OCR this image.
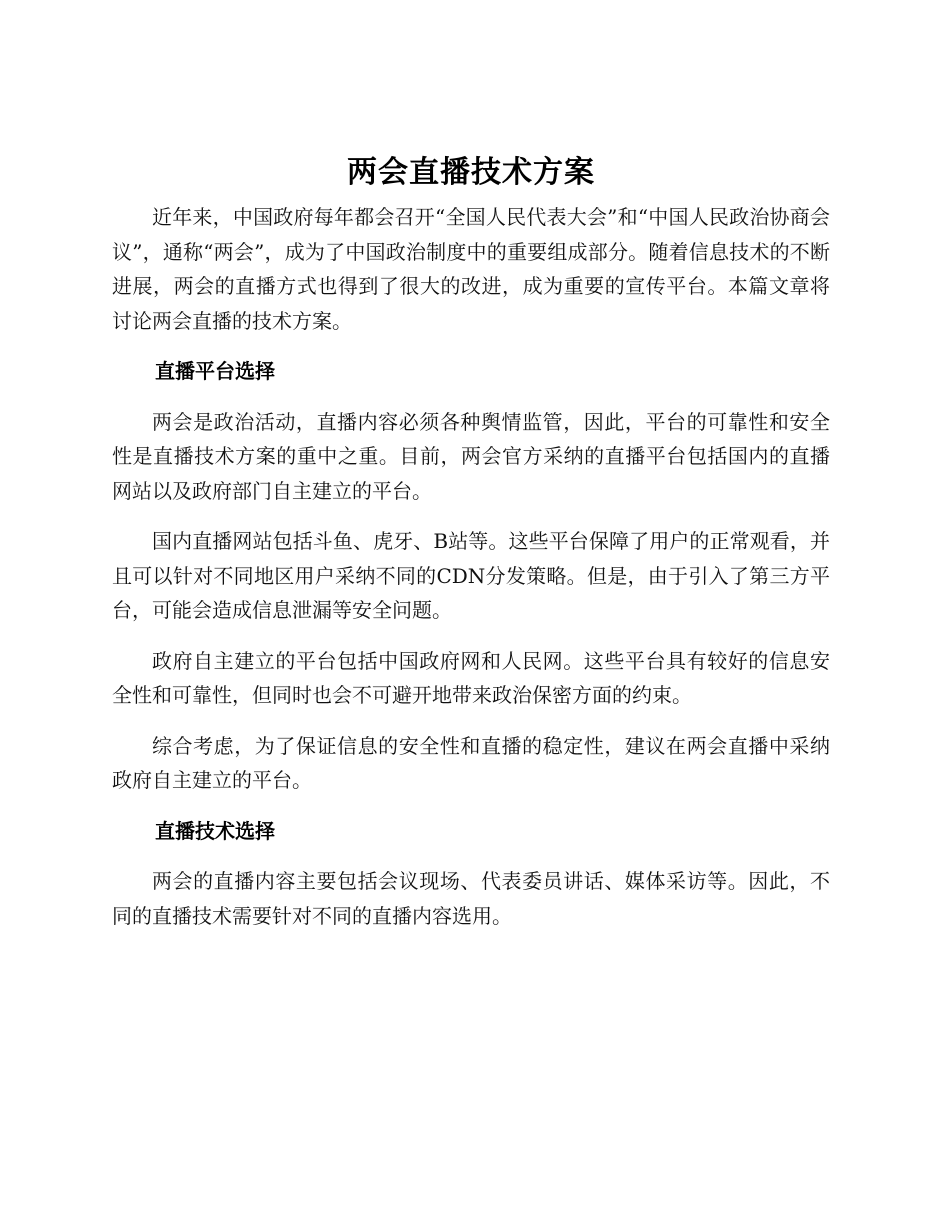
两会直播技术方案

近年来，中国政府每年都会召开“全国人民代表大会”和“中国人民政治协商会议”，通称“两会”，成为了中国政治制度中的重要组成部分。随着信息技术的不断进展，两会的直播方式也得到了很大的改进，成为重要的宣传平台。本篇文章将讨论两会直播的技术方案。

直播平台选择

两会是政治活动，直播内容必须各种舆情监管，因此，平台的可靠性和安全性是直播技术方案的重中之重。目前，两会官方采纳的直播平台包括国内的直播网站以及政府部门自主建立的平台。

国内直播网站包括斗鱼、虎牙、B站等。这些平台保障了用户的正常观看，并且可以针对不同地区用户采纳不同的CDN分发策略。但是，由于引入了第三方平台，可能会造成信息泄漏等安全问题。

政府自主建立的平台包括中国政府网和人民网。这些平台具有较好的信息安全性和可靠性，但同时也会不可避开地带来政治保密方面的约束。

综合考虑，为了保证信息的安全性和直播的稳定性，建议在两会直播中采纳政府自主建立的平台。

直播技术选择

两会的直播内容主要包括会议现场、代表委员讲话、媒体采访等。因此，不同的直播技术需要针对不同的直播内容选用。
